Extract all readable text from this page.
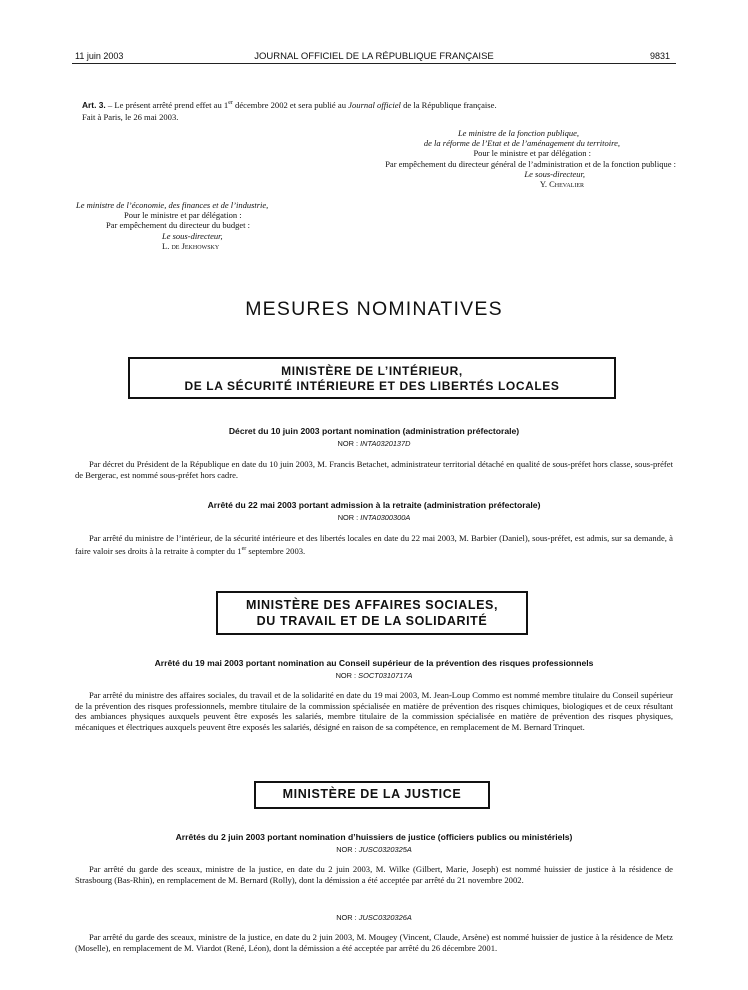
11 juin 2003	JOURNAL OFFICIEL DE LA RÉPUBLIQUE FRANÇAISE	9831
Art. 3. – Le présent arrêté prend effet au 1er décembre 2002 et sera publié au Journal officiel de la République française.
Fait à Paris, le 26 mai 2003.
Le ministre de la fonction publique,
de la réforme de l’Etat et de l’aménagement du territoire,
Pour le ministre et par délégation :
Par empêchement du directeur général de l’administration et de la fonction publique :
Le sous-directeur,
Y. Chevalier
Le ministre de l’économie, des finances et de l’industrie,
Pour le ministre et par délégation :
Par empêchement du directeur du budget :
Le sous-directeur,
L. de Jekhowsky
MESURES NOMINATIVES
MINISTÈRE DE L’INTÉRIEUR,
DE LA SÉCURITÉ INTÉRIEURE ET DES LIBERTÉS LOCALES
Décret du 10 juin 2003 portant nomination (administration préfectorale)
NOR : INTA0320137D
Par décret du Président de la République en date du 10 juin 2003, M. Francis Betachet, administrateur territorial détaché en qualité de sous-préfet hors classe, sous-préfet de Bergerac, est nommé sous-préfet hors cadre.
Arrêté du 22 mai 2003 portant admission à la retraite (administration préfectorale)
NOR : INTA0300300A
Par arrêté du ministre de l’intérieur, de la sécurité intérieure et des libertés locales en date du 22 mai 2003, M. Barbier (Daniel), sous-préfet, est admis, sur sa demande, à faire valoir ses droits à la retraite à compter du 1er septembre 2003.
MINISTÈRE DES AFFAIRES SOCIALES,
DU TRAVAIL ET DE LA SOLIDARITÉ
Arrêté du 19 mai 2003 portant nomination au Conseil supérieur de la prévention des risques professionnels
NOR : SOCT0310717A
Par arrêté du ministre des affaires sociales, du travail et de la solidarité en date du 19 mai 2003, M. Jean-Loup Commo est nommé membre titulaire du Conseil supérieur de la prévention des risques professionnels, membre titulaire de la commission spécialisée en matière de prévention des risques chimiques, biologiques et de ceux résultant des ambiances physiques auxquels peuvent être exposés les salariés, membre titulaire de la commission spécialisée en matière de prévention des risques physiques, mécaniques et électriques auxquels peuvent être exposés les salariés, désigné en raison de sa compétence, en remplacement de M. Bernard Trinquet.
MINISTÈRE DE LA JUSTICE
Arrêtés du 2 juin 2003 portant nomination d’huissiers de justice (officiers publics ou ministériels)
NOR : JUSC0320325A
Par arrêté du garde des sceaux, ministre de la justice, en date du 2 juin 2003, M. Wilke (Gilbert, Marie, Joseph) est nommé huissier de justice à la résidence de Strasbourg (Bas-Rhin), en remplacement de M. Bernard (Rolly), dont la démission a été acceptée par arrêté du 21 novembre 2002.
NOR : JUSC0320326A
Par arrêté du garde des sceaux, ministre de la justice, en date du 2 juin 2003, M. Mougey (Vincent, Claude, Arsène) est nommé huissier de justice à la résidence de Metz (Moselle), en remplacement de M. Viardot (René, Léon), dont la démission a été acceptée par arrêté du 26 décembre 2001.
